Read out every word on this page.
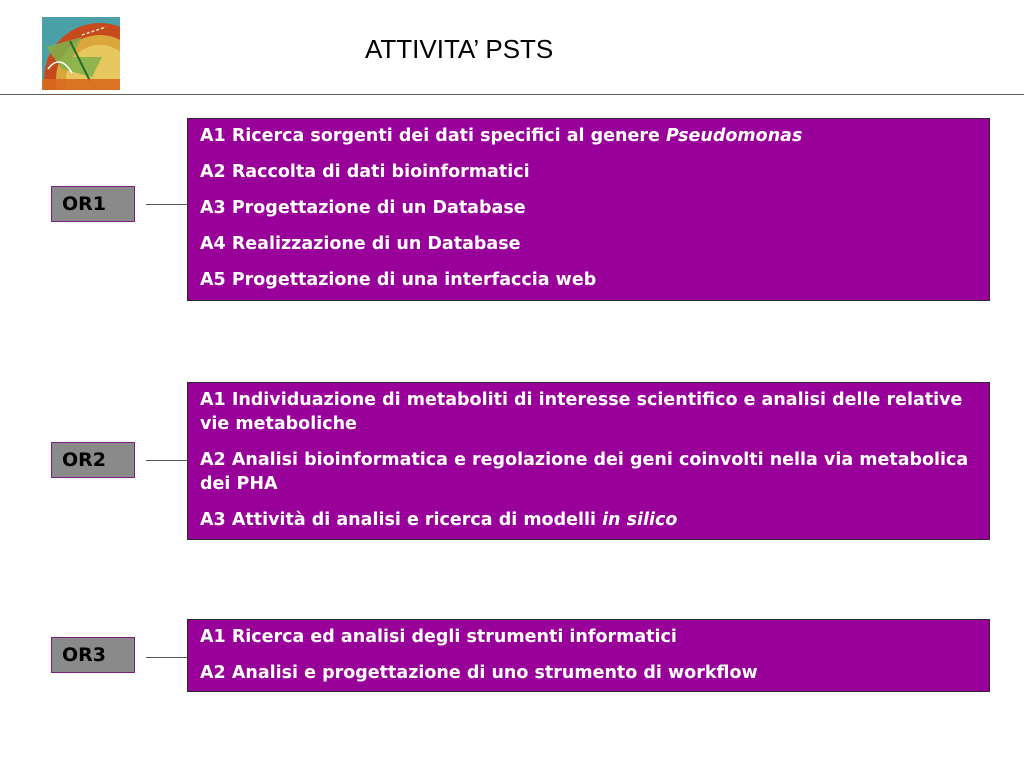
ATTIVITA’ PSTS
OR1
A1 Ricerca sorgenti dei dati specifici al genere Pseudomonas
A2 Raccolta di dati bioinformatici
A3 Progettazione di un Database
A4 Realizzazione di un Database
A5 Progettazione di una interfaccia web
OR2
A1 Individuazione di metaboliti di interesse scientifico e analisi delle relative vie metaboliche
A2 Analisi bioinformatica e regolazione dei geni coinvolti nella via metabolica dei PHA
A3 Attività di analisi e ricerca di modelli in silico
OR3
A1 Ricerca ed analisi degli strumenti informatici
A2 Analisi e progettazione di uno strumento di workflow
